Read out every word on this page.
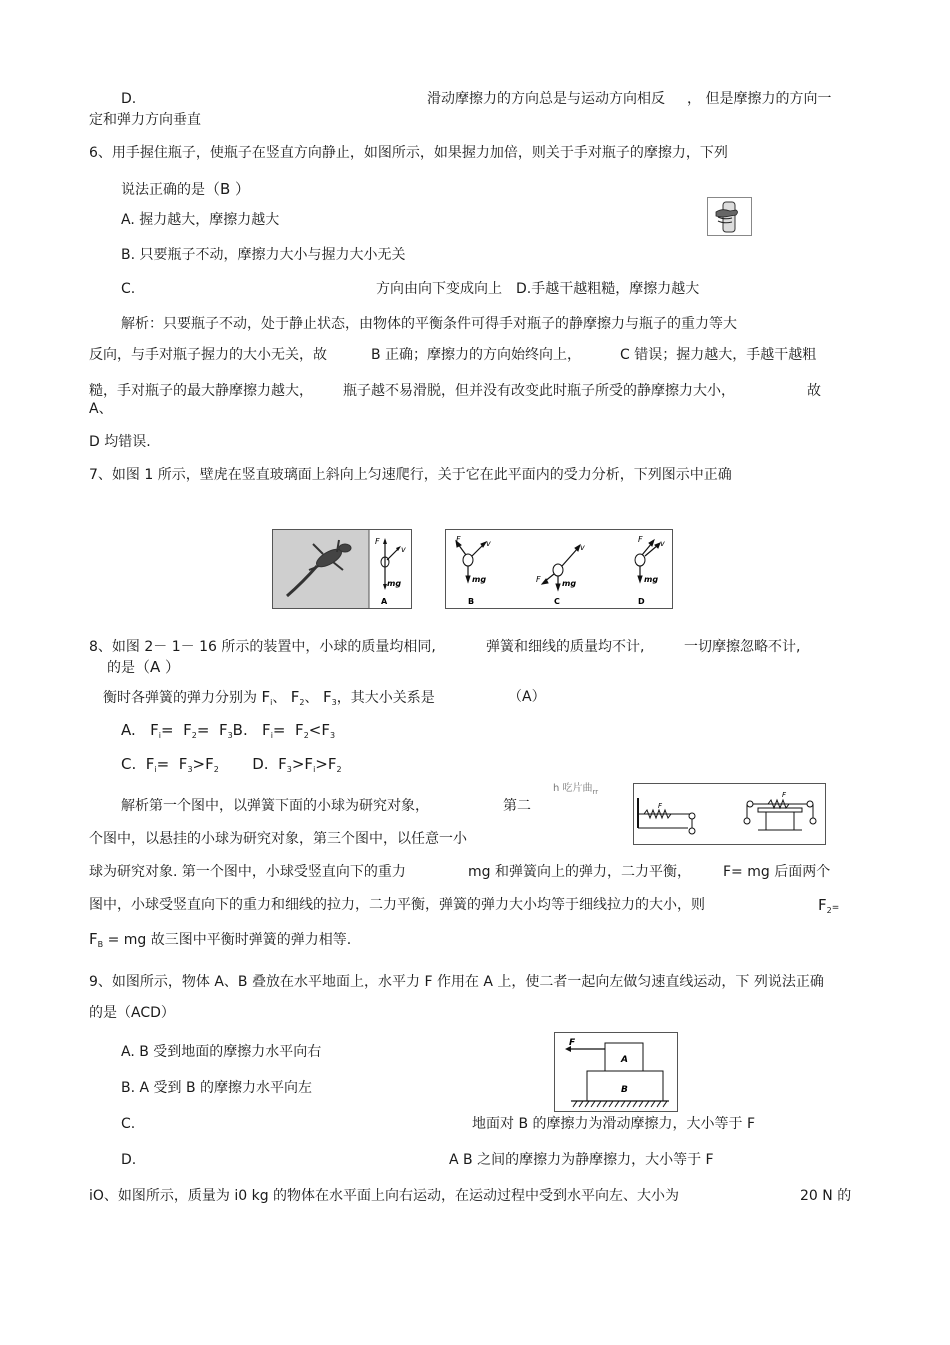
D.	滑动摩擦力的方向总是与运动方向相反 ， 但是摩擦力的方向一
定和弹力方向垂直
6、用手握住瓶子，使瓶子在竖直方向静止，如图所示，如果握力加倍，则关于手对瓶子的摩擦力，下列
说法正确的是（B ）
A. 握力越大，摩擦力越大
B. 只要瓶子不动，摩擦力大小与握力大小无关
C.	方向由向下变成向上 D.手越干越粗糙，摩擦力越大
解析：只要瓶子不动，处于静止状态，由物体的平衡条件可得手对瓶子的静摩擦力与瓶子的重力等大
反向，与手对瓶子握力的大小无关，故	B 正确；摩擦力的方向始终向上，	C 错误；握力越大，手越干越粗
糙，手对瓶子的最大静摩擦力越大， 瓶子越不易滑脱，但并没有改变此时瓶子所受的静摩擦力大小，	故
A、
D 均错误.
7、如图 1 所示，壁虎在竖直玻璃面上斜向上匀速爬行，关于它在此平面内的受力分析，下列图示中正确
F
v
mg
A
F	v
mg
B
F
v
mg
C
F v
mg
D
8、如图 2－ 1－ 16 所示的装置中，小球的质量均相同,	弹簧和细线的质量均不计,	一切摩擦忽略不计,
的是（A ）
衡时各弹簧的弹力分别为 $F_i$、 $F_2$、 $F_3$，其大小关系是	（A）
A. $F_i= F_2= F_3B$. $F_i= F_2<F_3$
C. $F_i= F_3>F_2$ D. $F_3>F_i>F_2$
h 吃片曲$_{rr}$
F
F
解析第一个图中，以弹簧下面的小球为研究对象，	第二
个图中，以悬挂的小球为研究对象，第三个图中，以任意一小
球为研究对象. 第一个图中，小球受竖直向下的重力	mg 和弹簧向上的弹力，二力平衡， F= mg 后面两个
图中，小球受竖直向下的重力和细线的拉力，二力平衡，弹簧的弹力大小均等于细线拉力的大小，则	$F_2=$
$F_B$ = mg 故三图中平衡时弹簧的弹力相等.
9、如图所示，物体 A、B 叠放在水平地面上，水平力 F 作用在 A 上，使二者一起向左做匀速直线运动，下 列说法正确
的是（ACD）
A. B 受到地面的摩擦力水平向右
B. A 受到 B 的摩擦力水平向左
C.	地面对 B 的摩擦力为滑动摩擦力，大小等于 F
D.	A B 之间的摩擦力为静摩擦力，大小等于 F
F
A
B
iO、如图所示，质量为 i0 kg 的物体在水平面上向右运动，在运动过程中受到水平向左、大小为	20 N 的
